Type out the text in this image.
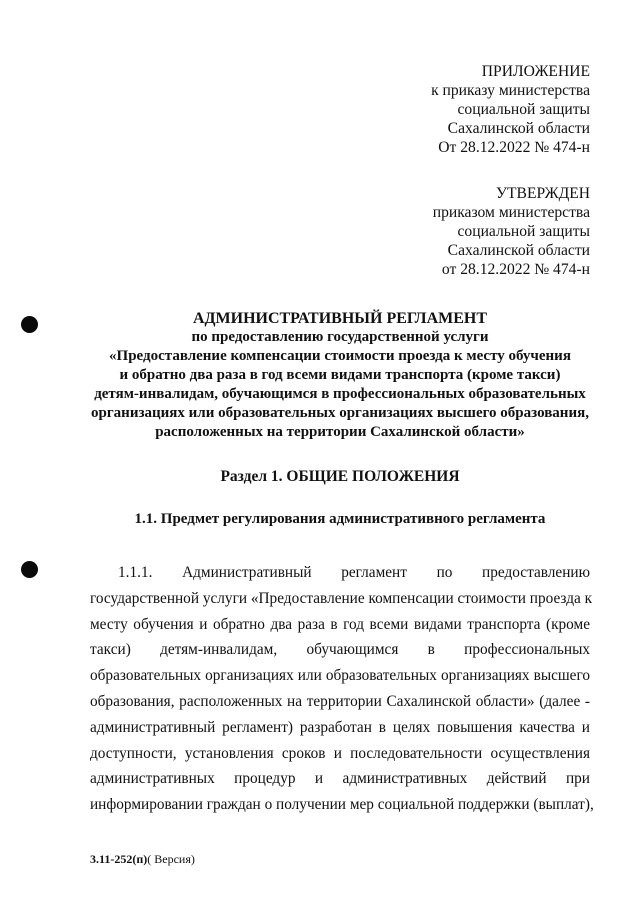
ПРИЛОЖЕНИЕ
к приказу министерства
социальной защиты
Сахалинской области
От 28.12.2022 № 474-н
УТВЕРЖДЕН
приказом министерства
социальной защиты
Сахалинской области
от 28.12.2022 № 474-н
АДМИНИСТРАТИВНЫЙ РЕГЛАМЕНТ
по предоставлению государственной услуги
«Предоставление компенсации стоимости проезда к месту обучения
и обратно два раза в год всеми видами транспорта (кроме такси)
детям-инвалидам, обучающимся в профессиональных образовательных
организациях или образовательных организациях высшего образования,
расположенных на территории Сахалинской области»
Раздел 1. ОБЩИЕ ПОЛОЖЕНИЯ
1.1. Предмет регулирования административного регламента
1.1.1. Административный регламент по предоставлению
государственной услуги «Предоставление компенсации стоимости проезда к
месту обучения и обратно два раза в год всеми видами транспорта (кроме
такси) детям-инвалидам, обучающимся в профессиональных
образовательных организациях или образовательных организациях высшего
образования, расположенных на территории Сахалинской области» (далее -
административный регламент) разработан в целях повышения качества и
доступности, установления сроков и последовательности осуществления
административных процедур и административных действий при
информировании граждан о получении мер социальной поддержки (выплат),
3.11-252(п)( Версия)
